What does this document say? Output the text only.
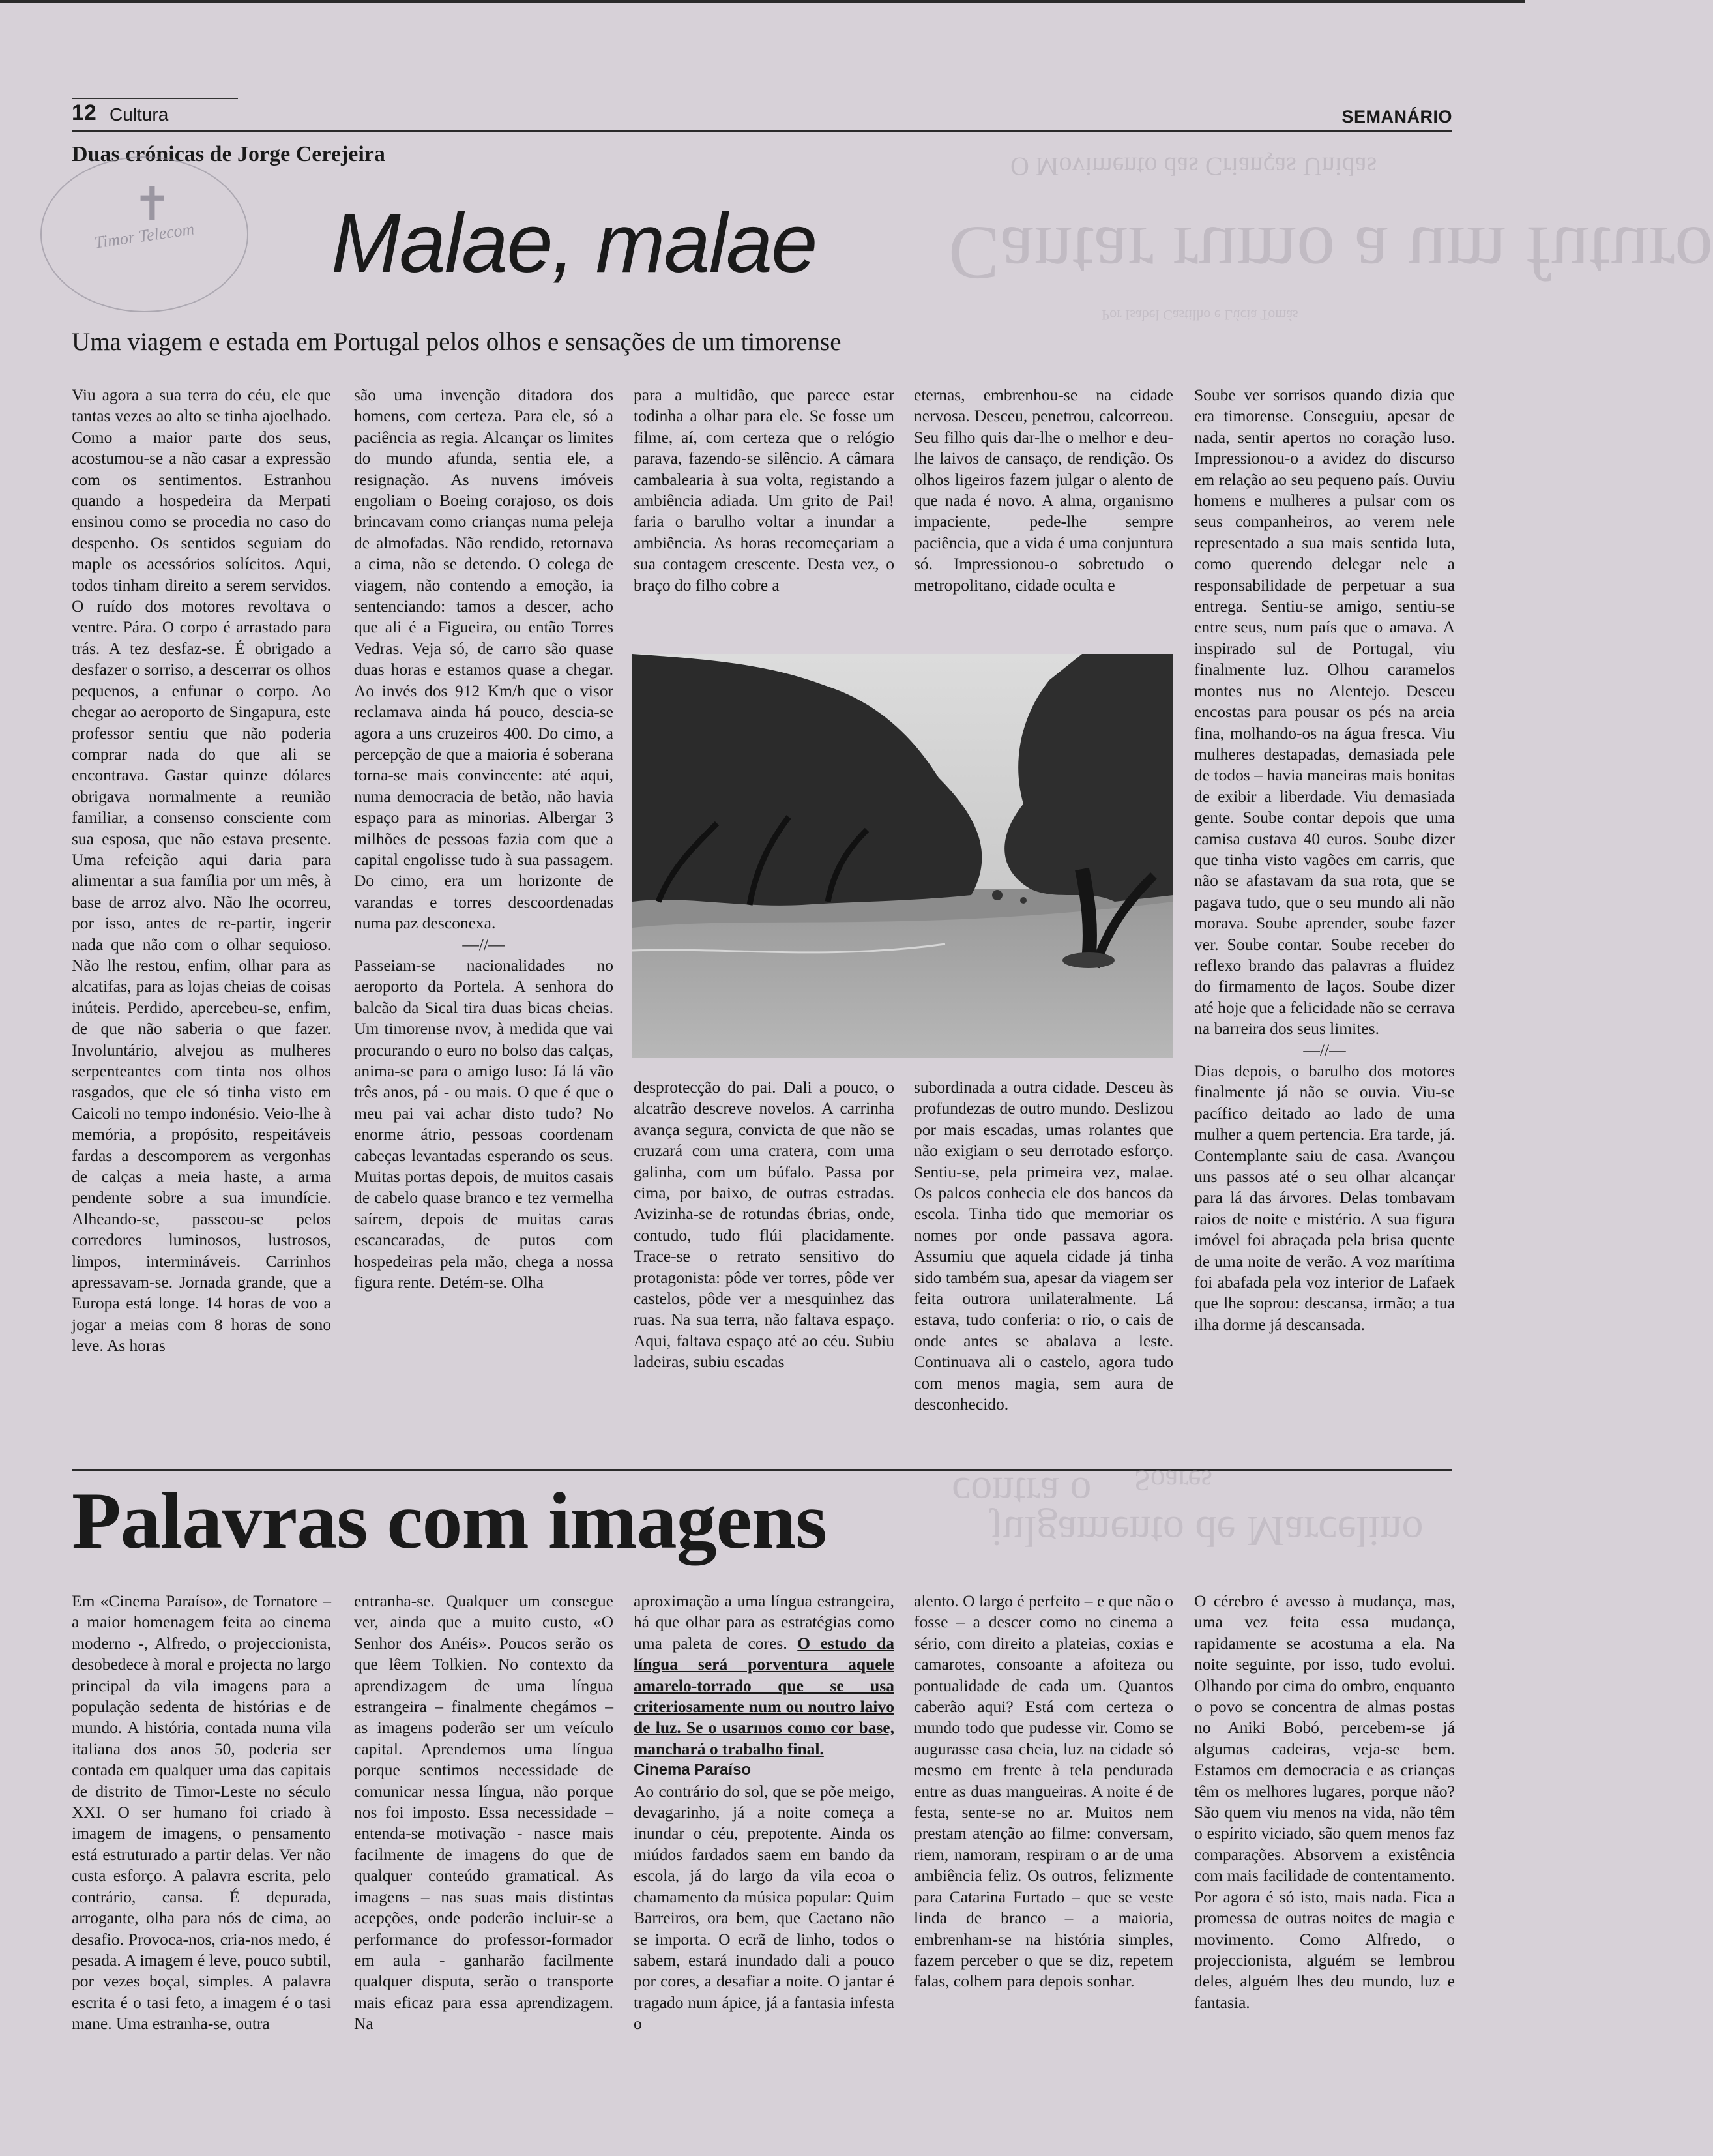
12 Cultura	SEMANÁRIO
O Movimento das Crianças Unidas
Cantar rumo a um futuro
Por Isabel Castilho e Lúcia Tomás
Duas crónicas de Jorge Cerejeira
✝
Timor Telecom	Malae, malae
Uma viagem e estada em Portugal pelos olhos e sensações de um timorense

Viu agora a sua terra do céu, ele que tantas vezes ao alto se tinha ajoelhado. Como a maior parte dos seus, acostumou-se a não casar a expressão com os sentimentos. Estranhou quando a hospedeira da Merpati ensinou como se procedia no caso do despenho. Os sentidos seguiam do maple os acessórios solícitos. Aqui, todos tinham direito a serem servidos. O ruído dos motores revoltava o ventre. Pára. O corpo é arrastado para trás. A tez desfaz-se. É obrigado a desfazer o sorriso, a descerrar os olhos pequenos, a enfunar o corpo. Ao chegar ao aeroporto de Singapura, este professor sentiu que não poderia comprar nada do que ali se encontrava. Gastar quinze dólares obrigava normalmente a reunião familiar, a consenso consciente com sua esposa, que não estava presente. Uma refeição aqui daria para alimentar a sua família por um mês, à base de arroz alvo. Não lhe ocorreu, por isso, antes de re-partir, ingerir nada que não com o olhar sequioso. Não lhe restou, enfim, olhar para as alcatifas, para as lojas cheias de coisas inúteis. Perdido, apercebeu-se, enfim, de que não saberia o que fazer. Involuntário, alvejou as mulheres serpenteantes com tinta nos olhos rasgados, que ele só tinha visto em Caicoli no tempo indonésio. Veio-lhe à memória, a propósito, respeitáveis fardas a descomporem as vergonhas de calças a meia haste, a arma pendente sobre a sua imundície. Alheando-se, passeou-se pelos corredores luminosos, lustrosos, limpos, intermináveis. Carrinhos apressavam-se. Jornada grande, que a Europa está longe. 14 horas de voo a jogar a meias com 8 horas de sono leve. As horas

são uma invenção ditadora dos homens, com certeza. Para ele, só a paciência as regia. Alcançar os limites do mundo afunda, sentia ele, a resignação. As nuvens imóveis engoliam o Boeing corajoso, os dois brincavam como crianças numa peleja de almofadas. Não rendido, retornava a cima, não se detendo. O colega de viagem, não contendo a emoção, ia sentenciando: tamos a descer, acho que ali é a Figueira, ou então Torres Vedras. Veja só, de carro são quase duas horas e estamos quase a chegar. Ao invés dos 912 Km/h que o visor reclamava ainda há pouco, descia-se agora a uns cruzeiros 400. Do cimo, a percepção de que a maioria é soberana torna-se mais convincente: até aqui, numa democracia de betão, não havia espaço para as minorias. Albergar 3 milhões de pessoas fazia com que a capital engolisse tudo à sua passagem. Do cimo, era um horizonte de varandas e torres descoordenadas numa paz desconexa.

—//—

Passeiam-se nacionalidades no aeroporto da Portela. A senhora do balcão da Sical tira duas bicas cheias. Um timorense nvov, à medida que vai procurando o euro no bolso das calças, anima-se para o amigo luso: Já lá vão três anos, pá - ou mais. O que é que o meu pai vai achar disto tudo? No enorme átrio, pessoas coordenam cabeças levantadas esperando os seus. Muitas portas depois, de muitos casais de cabelo quase branco e tez vermelha saírem, depois de muitas caras escancaradas, de putos com hospedeiras pela mão, chega a nossa figura rente. Detém-se. Olha

para a multidão, que parece estar todinha a olhar para ele. Se fosse um filme, aí, com certeza que o relógio parava, fazendo-se silêncio. A câmara cambalearia à sua volta, registando a ambiência adiada. Um grito de Pai! faria o barulho voltar a inundar a ambiência. As horas recomeçariam a sua contagem crescente. Desta vez, o braço do filho cobre a

eternas, embrenhou-se na cidade nervosa. Desceu, penetrou, calcorreou. Seu filho quis dar-lhe o melhor e deu-lhe laivos de cansaço, de rendição. Os olhos ligeiros fazem julgar o alento de que nada é novo. A alma, organismo impaciente, pede-lhe sempre paciência, que a vida é uma conjuntura só. Impressionou-o sobretudo o metropolitano, cidade oculta e

desprotecção do pai. Dali a pouco, o alcatrão descreve novelos. A carrinha avança segura, convicta de que não se cruzará com uma cratera, com uma galinha, com um búfalo. Passa por cima, por baixo, de outras estradas. Avizinha-se de rotundas ébrias, onde, contudo, tudo flúi placidamente. Trace-se o retrato sensitivo do protagonista: pôde ver torres, pôde ver castelos, pôde ver a mesquinhez das ruas. Na sua terra, não faltava espaço. Aqui, faltava espaço até ao céu. Subiu ladeiras, subiu escadas

subordinada a outra cidade. Desceu às profundezas de outro mundo. Deslizou por mais escadas, umas rolantes que não exigiam o seu derrotado esforço. Sentiu-se, pela primeira vez, malae. Os palcos conhecia ele dos bancos da escola. Tinha tido que memoriar os nomes por onde passava agora. Assumiu que aquela cidade já tinha sido também sua, apesar da viagem ser feita outrora unilateralmente. Lá estava, tudo conferia: o rio, o cais de onde antes se abalava a leste. Continuava ali o castelo, agora tudo com menos magia, sem aura de desconhecido.

Soube ver sorrisos quando dizia que era timorense. Conseguiu, apesar de nada, sentir apertos no coração luso. Impressionou-o a avidez do discurso em relação ao seu pequeno país. Ouviu homens e mulheres a pulsar com os seus companheiros, ao verem nele representado a sua mais sentida luta, como querendo delegar nele a responsabilidade de perpetuar a sua entrega. Sentiu-se amigo, sentiu-se entre seus, num país que o amava. A inspirado sul de Portugal, viu finalmente luz. Olhou caramelos montes nus no Alentejo. Desceu encostas para pousar os pés na areia fina, molhando-os na água fresca. Viu mulheres destapadas, demasiada pele de todos – havia maneiras mais bonitas de exibir a liberdade. Viu demasiada gente. Soube contar depois que uma camisa custava 40 euros. Soube dizer que tinha visto vagões em carris, que não se afastavam da sua rota, que se pagava tudo, que o seu mundo ali não morava. Soube aprender, soube fazer ver. Soube contar. Soube receber do reflexo brando das palavras a fluidez do firmamento de laços. Soube dizer até hoje que a felicidade não se cerrava na barreira dos seus limites.

—//—

Dias depois, o barulho dos motores finalmente já não se ouvia. Viu-se pacífico deitado ao lado de uma mulher a quem pertencia. Era tarde, já. Contemplante saiu de casa. Avançou uns passos até o seu olhar alcançar para lá das árvores. Delas tombavam raios de noite e mistério. A sua figura imóvel foi abraçada pela brisa quente de uma noite de verão. A voz marítima foi abafada pela voz interior de Lafaek que lhe soprou: descansa, irmão; a tua ilha dorme já descansada.

contra o
julgamento de Marcelino
Soares
Palavras com imagens

Em «Cinema Paraíso», de Tornatore – a maior homenagem feita ao cinema moderno -, Alfredo, o projeccionista, desobedece à moral e projecta no largo principal da vila imagens para a população sedenta de histórias e de mundo. A história, contada numa vila italiana dos anos 50, poderia ser contada em qualquer uma das capitais de distrito de Timor-Leste no século XXI. O ser humano foi criado à imagem de imagens, o pensamento está estruturado a partir delas. Ver não custa esforço. A palavra escrita, pelo contrário, cansa. É depurada, arrogante, olha para nós de cima, ao desafio. Provoca-nos, cria-nos medo, é pesada. A imagem é leve, pouco subtil, por vezes boçal, simples. A palavra escrita é o tasi feto, a imagem é o tasi mane. Uma estranha-se, outra

entranha-se. Qualquer um consegue ver, ainda que a muito custo, «O Senhor dos Anéis». Poucos serão os que lêem Tolkien. No contexto da aprendizagem de uma língua estrangeira – finalmente chegámos – as imagens poderão ser um veículo capital. Aprendemos uma língua porque sentimos necessidade de comunicar nessa língua, não porque nos foi imposto. Essa necessidade – entenda-se motivação - nasce mais facilmente de imagens do que de qualquer conteúdo gramatical. As imagens – nas suas mais distintas acepções, onde poderão incluir-se a performance do professor-formador em aula - ganharão facilmente qualquer disputa, serão o transporte mais eficaz para essa aprendizagem. Na

aproximação a uma língua estrangeira, há que olhar para as estratégias como uma paleta de cores. O estudo da língua será porventura aquele amarelo-torrado que se usa criteriosamente num ou noutro laivo de luz. Se o usarmos como cor base, manchará o trabalho final.

Cinema Paraíso

Ao contrário do sol, que se põe meigo, devagarinho, já a noite começa a inundar o céu, prepotente. Ainda os miúdos fardados saem em bando da escola, já do largo da vila ecoa o chamamento da música popular: Quim Barreiros, ora bem, que Caetano não se importa. O ecrã de linho, todos o sabem, estará inundado dali a pouco por cores, a desafiar a noite. O jantar é tragado num ápice, já a fantasia infesta o

alento. O largo é perfeito – e que não o fosse – a descer como no cinema a sério, com direito a plateias, coxias e camarotes, consoante a afoiteza ou pontualidade de cada um. Quantos caberão aqui? Está com certeza o mundo todo que pudesse vir. Como se augurasse casa cheia, luz na cidade só mesmo em frente à tela pendurada entre as duas mangueiras. A noite é de festa, sente-se no ar. Muitos nem prestam atenção ao filme: conversam, riem, namoram, respiram o ar de uma ambiência feliz. Os outros, felizmente para Catarina Furtado – que se veste linda de branco – a maioria, embrenham-se na história simples, fazem perceber o que se diz, repetem falas, colhem para depois sonhar.

O cérebro é avesso à mudança, mas, uma vez feita essa mudança, rapidamente se acostuma a ela. Na noite seguinte, por isso, tudo evolui. Olhando por cima do ombro, enquanto o povo se concentra de almas postas no Aniki Bobó, percebem-se já algumas cadeiras, veja-se bem. Estamos em democracia e as crianças têm os melhores lugares, porque não? São quem viu menos na vida, não têm o espírito viciado, são quem menos faz comparações. Absorvem a existência com mais facilidade de contentamento. Por agora é só isto, mais nada. Fica a promessa de outras noites de magia e movimento. Como Alfredo, o projeccionista, alguém se lembrou deles, alguém lhes deu mundo, luz e fantasia.
